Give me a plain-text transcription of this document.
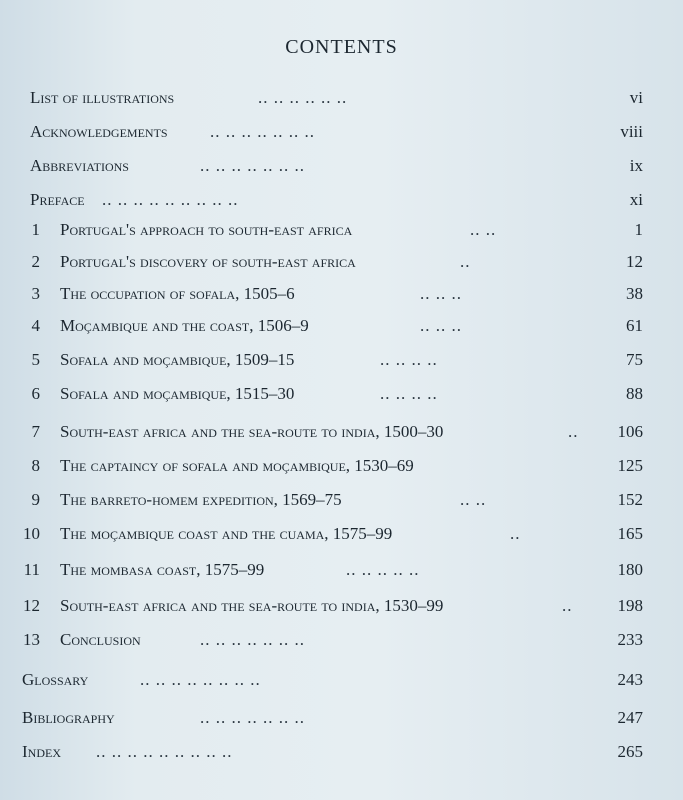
CONTENTS
List of illustrations	.. .. .. .. .. ..	vi
Acknowledgements .. .. .. .. .. .. ..	viii
Abbreviations	.. .. .. .. .. .. ..	ix
Preface .. .. .. .. .. .. .. .. ..	xi
1 Portugal's approach to south-east africa	.. ..	1
2 Portugal's discovery of south-east africa	..	12
3 The occupation of sofala, 1505–6	.. .. ..	38
4 Moçambique and the coast, 1506–9	.. .. ..	61
5 Sofala and moçambique, 1509–15	.. .. .. ..	75
6 Sofala and moçambique, 1515–30	.. .. .. ..	88
7 South-east africa and the sea-route to india, 1500–30	.. 106
8 The captaincy of sofala and moçambique, 1530–69	125
9 The barreto-homem expedition, 1569–75	.. ..	152
10 The moçambique coast and the cuama, 1575–99	..	165
11 The mombasa coast, 1575–99	.. .. .. .. ..	180
12 South-east africa and the sea-route to india, 1530–99	..	198
13 Conclusion	.. .. .. .. .. .. ..	233
Glossary	.. .. .. .. .. .. .. ..	243
Bibliography	.. .. .. .. .. .. ..	247
Index .. .. .. .. .. .. .. .. ..	265
